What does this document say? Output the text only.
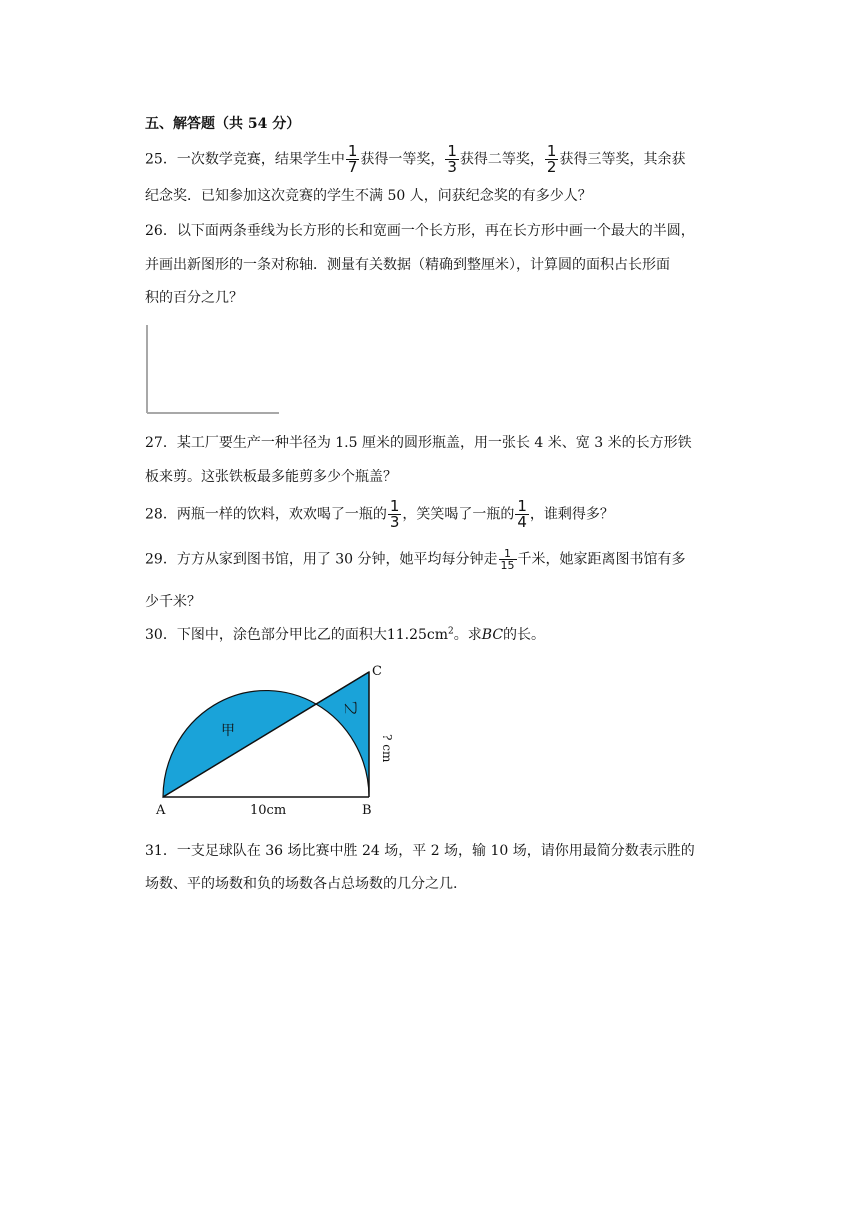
五、解答题（共 54 分）
25．一次数学竞赛，结果学生中 $\frac{1}{7}$ 获得一等奖， $\frac{1}{3}$ 获得二等奖， $\frac{1}{2}$ 获得三等奖，其余获
纪念奖．已知参加这次竞赛的学生不满 50 人，问获纪念奖的有多少人？
26．以下面两条垂线为长方形的长和宽画一个长方形，再在长方形中画一个最大的半圆，
并画出新图形的一条对称轴．测量有关数据（精确到整厘米），计算圆的面积占长形面
积的百分之几？
27．某工厂要生产一种半径为 1.5 厘米的圆形瓶盖，用一张长 4 米、宽 3 米的长方形铁
板来剪。这张铁板最多能剪多少个瓶盖？
28．两瓶一样的饮料，欢欢喝了一瓶的 $\frac{1}{3}$ ，笑笑喝了一瓶的 $\frac{1}{4}$ ，谁剩得多？
29．方方从家到图书馆，用了 30 分钟，她平均每分钟走 $\frac{1}{15}$ 千米，她家距离图书馆有多
少千米？
30．下图中，涂色部分甲比乙的面积大$11.25cm^2$。求BC的长。
甲
乙
C
? cm
A	10cm	B
31．一支足球队在 36 场比赛中胜 24 场，平 2 场，输 10 场，请你用最简分数表示胜的
场数、平的场数和负的场数各占总场数的几分之几.
